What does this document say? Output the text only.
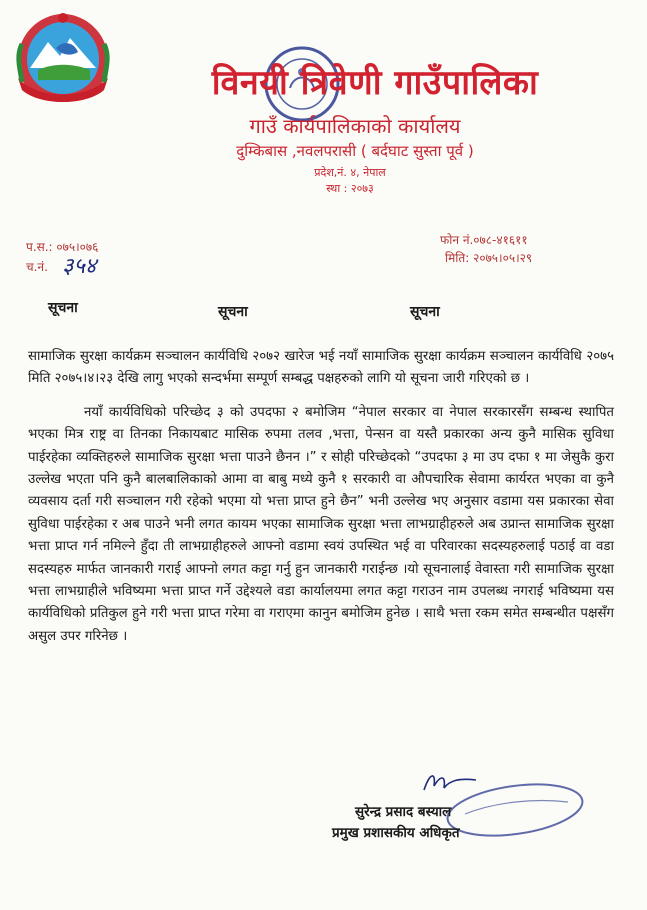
विनयी त्रिवेणी गाउँपालिका
गाउँ कार्यपालिकाको कार्यालय
दुम्किबास ,नवलपरासी ( बर्दघाट सुस्ता पूर्व )
प्रदेश,नं. ४, नेपाल
स्था : २०७३
प.स.: ०७५।०७६
च.नं. ३५४
फोन नं.०७८-४१६११
मिति: २०७५।०५।२९
सूचना	सूचना	सूचना

सामाजिक सुरक्षा कार्यक्रम सञ्चालन कार्यविधि २०७२ खारेज भई नयाँ सामाजिक सुरक्षा कार्यक्रम सञ्चालन कार्यविधि २०७५ मिति २०७५।४।२३ देखि लागु भएको सन्दर्भमा सम्पूर्ण सम्बद्ध पक्षहरुको लागि यो सूचना जारी गरिएको छ ।

नयाँ कार्यविधिको परिच्छेद ३ को उपदफा २ बमोजिम “नेपाल सरकार वा नेपाल सरकारसँग सम्बन्ध स्थापित भएका मित्र राष्ट्र वा तिनका निकायबाट मासिक रुपमा तलव ,भत्ता, पेन्सन वा यस्तै प्रकारका अन्य कुनै मासिक सुविधा पाईरहेका व्यक्तिहरुले सामाजिक सुरक्षा भत्ता पाउने छैनन ।” र सोही परिच्छेदको “उपदफा ३ मा उप दफा १ मा जेसुकै कुरा उल्लेख भएता पनि कुनै बालबालिकाको आमा वा बाबु मध्ये कुनै १ सरकारी वा औपचारिक सेवामा कार्यरत भएका वा कुनै व्यवसाय दर्ता गरी सञ्चालन गरी रहेको भएमा यो भत्ता प्राप्त हुने छैन” भनी उल्लेख भए अनुसार वडामा यस प्रकारका सेवा सुविधा पाईरहेका र अब पाउने भनी लगत कायम भएका सामाजिक सुरक्षा भत्ता लाभग्राहीहरुले अब उप्रान्त सामाजिक सुरक्षा भत्ता प्राप्त गर्न नमिल्ने हुँदा ती लाभग्राहीहरुले आफ्नो वडामा स्वयं उपस्थित भई वा परिवारका सदस्यहरुलाई पठाई वा वडा सदस्यहरु मार्फत जानकारी गराई आफ्नो लगत कट्टा गर्नु हुन जानकारी गराईन्छ ।यो सूचनालाई वेवास्ता गरी सामाजिक सुरक्षा भत्ता लाभग्राहीले भविष्यमा भत्ता प्राप्त गर्ने उद्देश्यले वडा कार्यालयमा लगत कट्टा गराउन नाम उपलब्ध नगराई भविष्यमा यस कार्यविधिको प्रतिकुल हुने गरी भत्ता प्राप्त गरेमा वा गराएमा कानुन बमोजिम हुनेछ । साथै भत्ता रकम समेत सम्बन्धीत पक्षसँग असुल उपर गरिनेछ ।

सुरेन्द्र प्रसाद बस्याल
प्रमुख प्रशासकीय अधिकृत
